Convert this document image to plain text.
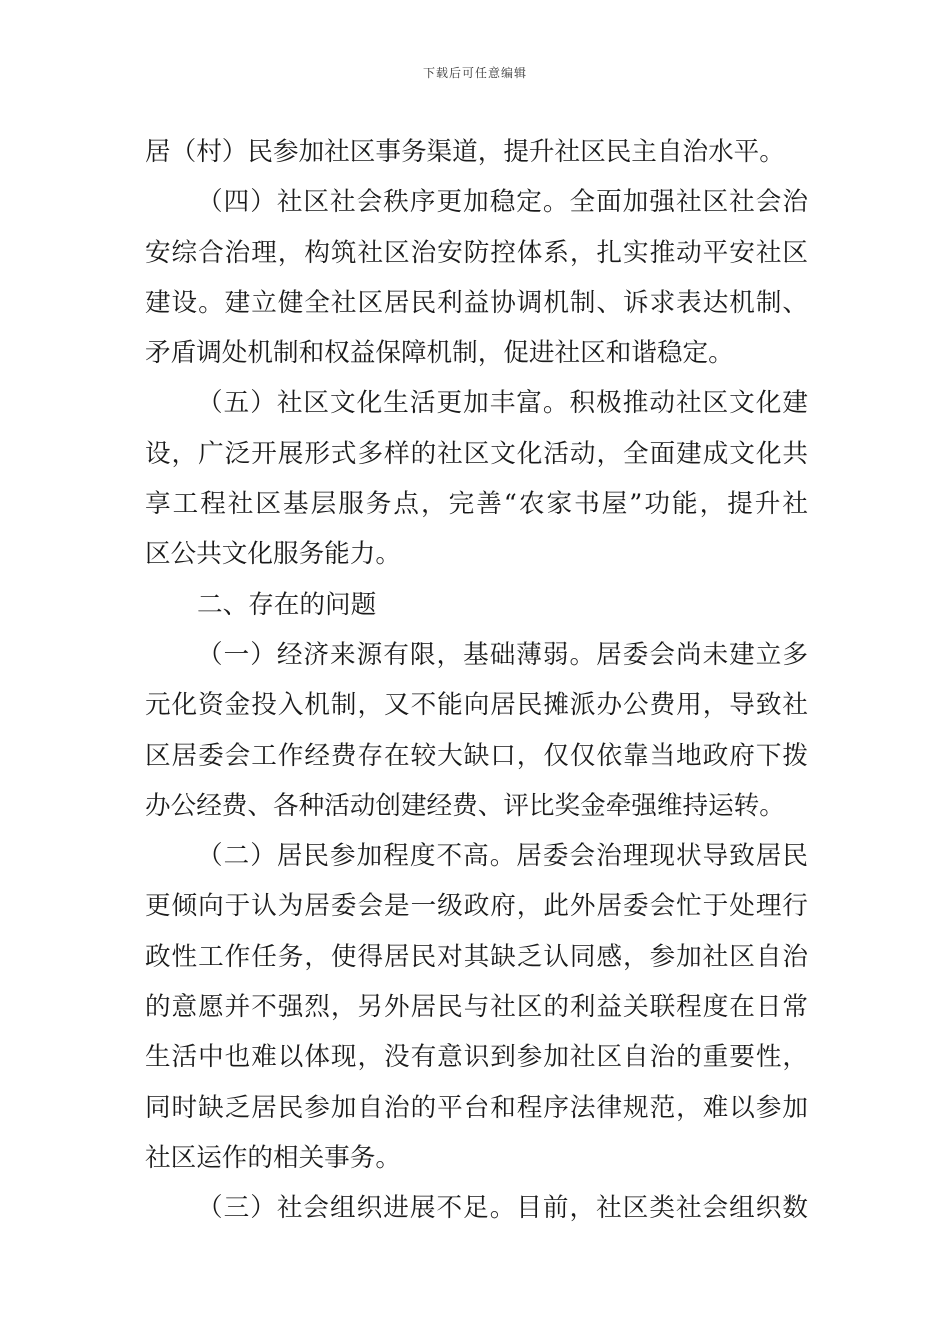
下载后可任意编辑
居（村）民参加社区事务渠道，提升社区民主自治水平。
（四）社区社会秩序更加稳定。全面加强社区社会治
安综合治理，构筑社区治安防控体系，扎实推动平安社区
建设。建立健全社区居民利益协调机制、诉求表达机制、
矛盾调处机制和权益保障机制，促进社区和谐稳定。
（五）社区文化生活更加丰富。积极推动社区文化建
设，广泛开展形式多样的社区文化活动，全面建成文化共
享工程社区基层服务点，完善“农家书屋”功能，提升社
区公共文化服务能力。
二、存在的问题
（一）经济来源有限，基础薄弱。居委会尚未建立多
元化资金投入机制，又不能向居民摊派办公费用，导致社
区居委会工作经费存在较大缺口，仅仅依靠当地政府下拨
办公经费、各种活动创建经费、评比奖金牵强维持运转。
（二）居民参加程度不高。居委会治理现状导致居民
更倾向于认为居委会是一级政府，此外居委会忙于处理行
政性工作任务，使得居民对其缺乏认同感，参加社区自治
的意愿并不强烈，另外居民与社区的利益关联程度在日常
生活中也难以体现，没有意识到参加社区自治的重要性，
同时缺乏居民参加自治的平台和程序法律规范，难以参加
社区运作的相关事务。
（三）社会组织进展不足。目前，社区类社会组织数
